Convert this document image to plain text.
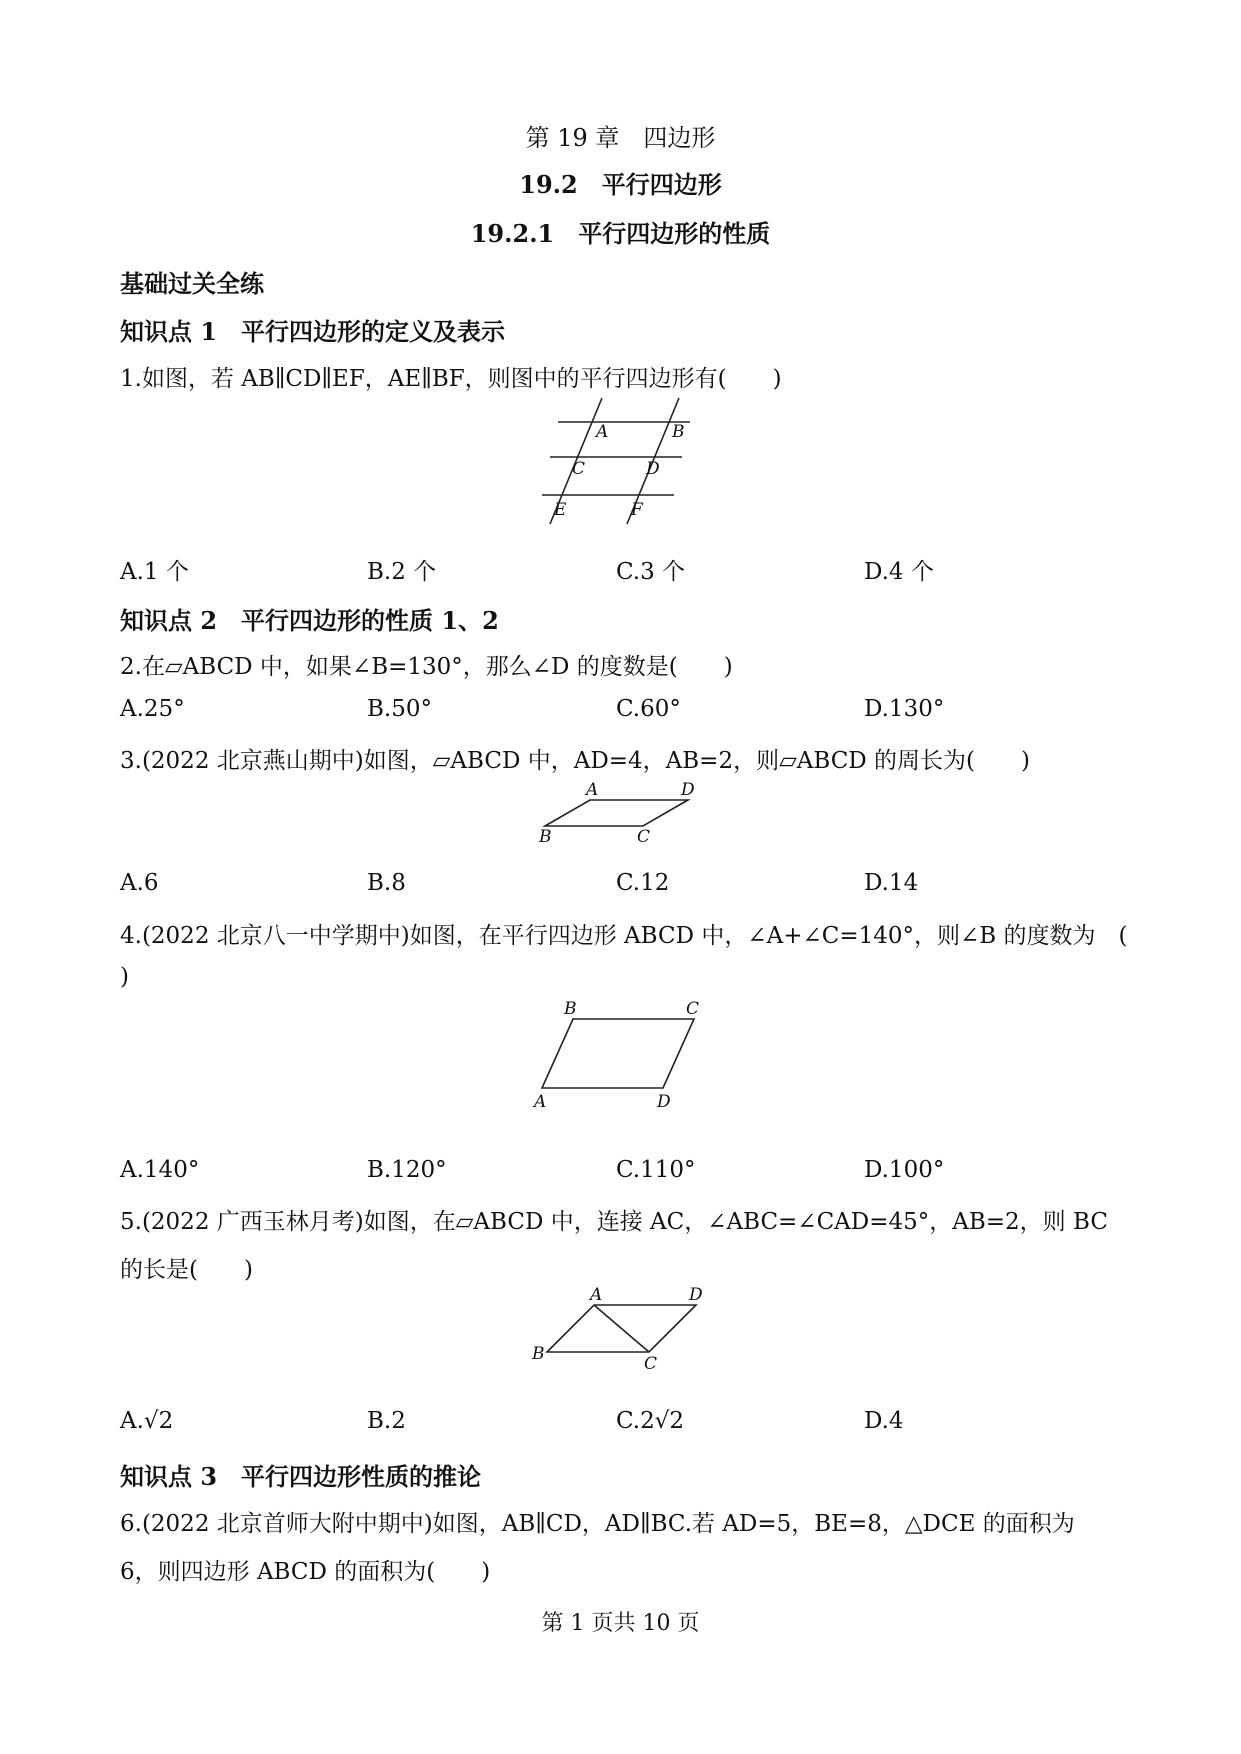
第 19 章　四边形
19.2　平行四边形
19.2.1　平行四边形的性质
基础过关全练
知识点 1　平行四边形的定义及表示
1.如图，若 AB∥CD∥EF，AE∥BF，则图中的平行四边形有(　　)
A	B
C	D
E	F
A.1 个	B.2 个	C.3 个	D.4 个
知识点 2　平行四边形的性质 1、2
2.在▱ABCD 中，如果∠B=130°，那么∠D 的度数是(　　)
A.25°	B.50°	C.60°	D.130°
3.(2022 北京燕山期中)如图，▱ABCD 中，AD=4，AB=2，则▱ABCD 的周长为(　　)
A	D
B	C
A.6	B.8	C.12	D.14
4.(2022 北京八一中学期中)如图，在平行四边形 ABCD 中，∠A+∠C=140°，则∠B 的度数为　(
)
B	C
A	D
A.140°	B.120°	C.110°	D.100°
5.(2022 广西玉林月考)如图，在▱ABCD 中，连接 AC，∠ABC=∠CAD=45°，AB=2，则 BC
的长是(　　)
A	D
B	C
A.√2	B.2	C.2√2	D.4
知识点 3　平行四边形性质的推论
6.(2022 北京首师大附中期中)如图，AB∥CD，AD∥BC.若 AD=5，BE=8，△DCE 的面积为
6，则四边形 ABCD 的面积为(　　)
第 1 页共 10 页
